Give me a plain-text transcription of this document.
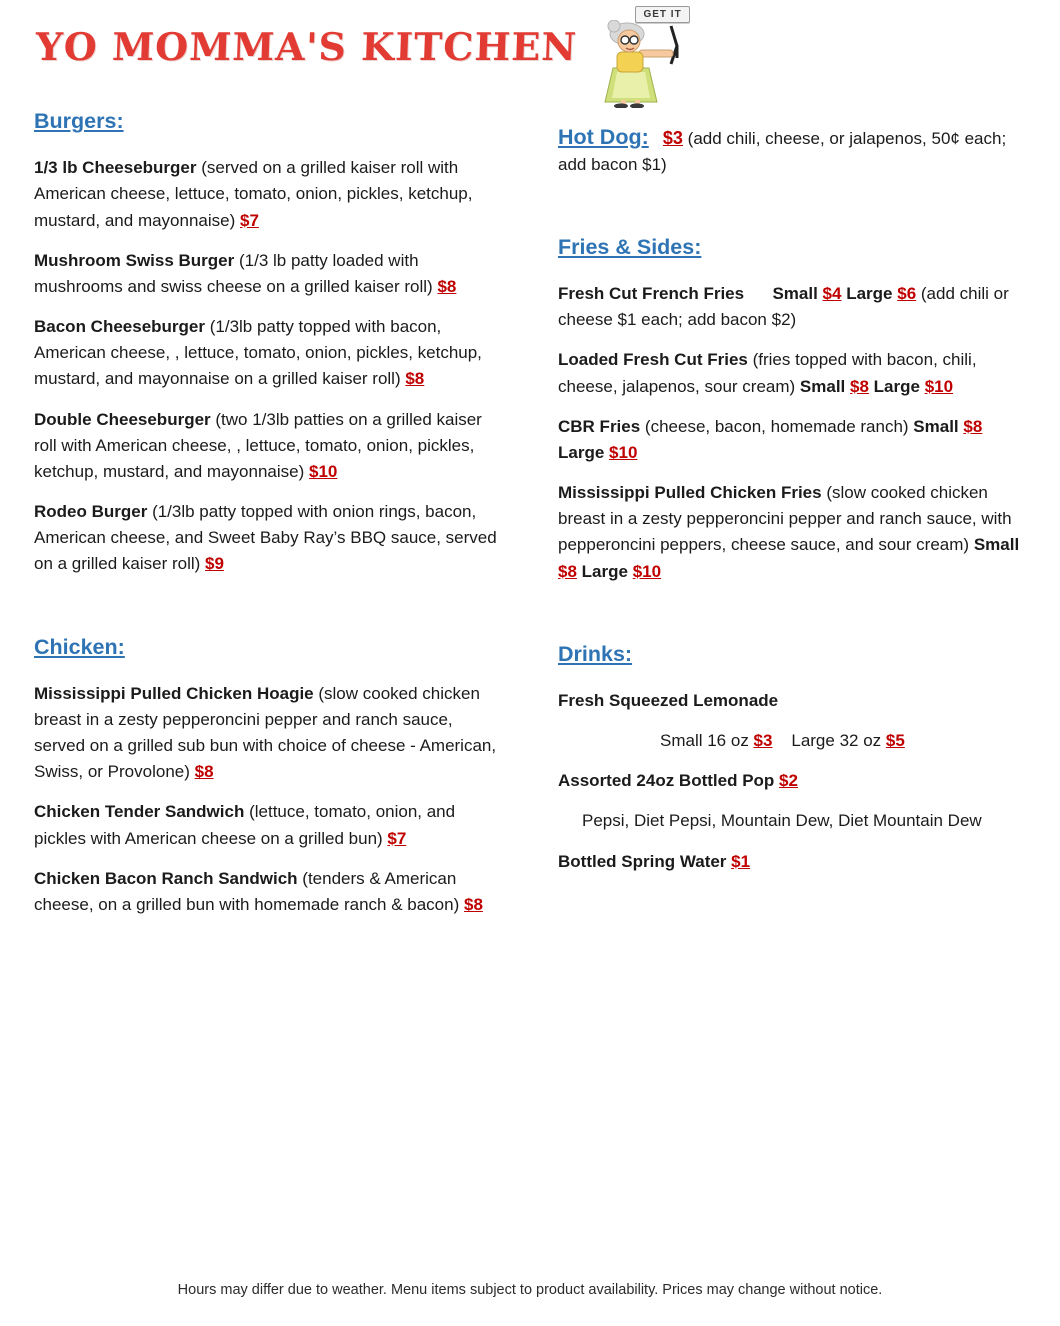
YO MOMMA'S KITCHEN
GET IT

Burgers:

1/3 lb Cheeseburger (served on a grilled kaiser roll with American cheese, lettuce, tomato, onion, pickles, ketchup, mustard, and mayonnaise) $7

Mushroom Swiss Burger (1/3 lb patty loaded with mushrooms and swiss cheese on a grilled kaiser roll) $8

Bacon Cheeseburger (1/3lb patty topped with bacon, American cheese, , lettuce, tomato, onion, pickles, ketchup, mustard, and mayonnaise on a grilled kaiser roll) $8

Double Cheeseburger (two 1/3lb patties on a grilled kaiser roll with American cheese, , lettuce, tomato, onion, pickles, ketchup, mustard, and mayonnaise) $10

Rodeo Burger (1/3lb patty topped with onion rings, bacon, American cheese, and Sweet Baby Ray’s BBQ sauce, served on a grilled kaiser roll) $9

Chicken:

Mississippi Pulled Chicken Hoagie (slow cooked chicken breast in a zesty pepperoncini pepper and ranch sauce, served on a grilled sub bun with choice of cheese - American, Swiss, or Provolone) $8

Chicken Tender Sandwich (lettuce, tomato, onion, and pickles with American cheese on a grilled bun) $7

Chicken Bacon Ranch Sandwich (tenders & American cheese, on a grilled bun with homemade ranch & bacon) $8

Hot Dog: $3 (add chili, cheese, or jalapenos, 50¢ each; add bacon $1)

Fries & Sides:

Fresh Cut French Fries Small $4 Large $6 (add chili or cheese $1 each; add bacon $2)

Loaded Fresh Cut Fries (fries topped with bacon, chili, cheese, jalapenos, sour cream) Small $8 Large $10

CBR Fries (cheese, bacon, homemade ranch) Small $8 Large $10

Mississippi Pulled Chicken Fries (slow cooked chicken breast in a zesty pepperoncini pepper and ranch sauce, with pepperoncini peppers, cheese sauce, and sour cream) Small $8 Large $10

Drinks:

Fresh Squeezed Lemonade

Small 16 oz $3    Large 32 oz $5

Assorted 24oz Bottled Pop $2

Pepsi, Diet Pepsi, Mountain Dew, Diet Mountain Dew

Bottled Spring Water $1

Hours may differ due to weather. Menu items subject to product availability. Prices may change without notice.
